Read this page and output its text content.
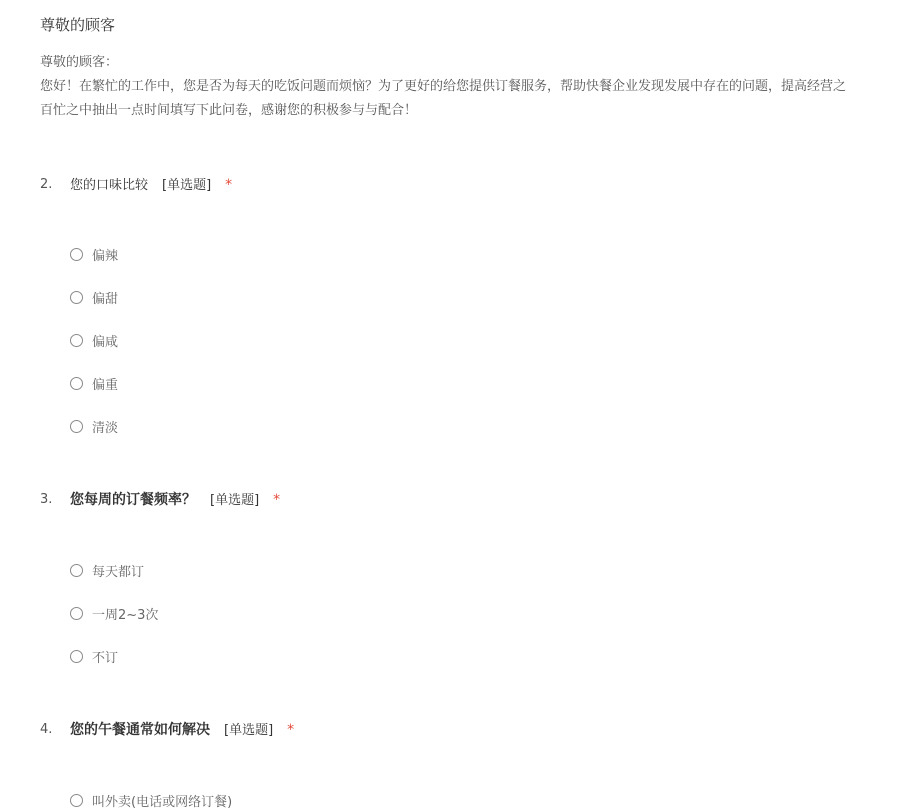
尊敬的顾客
尊敬的顾客：
您好！在繁忙的工作中，您是否为每天的吃饭问题而烦恼？为了更好的给您提供订餐服务，帮助快餐企业发现发展中存在的问题，提高经营之
百忙之中抽出一点时间填写下此问卷，感谢您的积极参与与配合！
2. 您的口味比较 [单选题] *
偏辣
偏甜
偏咸
偏重
清淡
3. 您每周的订餐频率？ [单选题] *
每天都订
一周2~3次
不订
4. 您的午餐通常如何解决 [单选题] *
叫外卖(电话或网络订餐)
